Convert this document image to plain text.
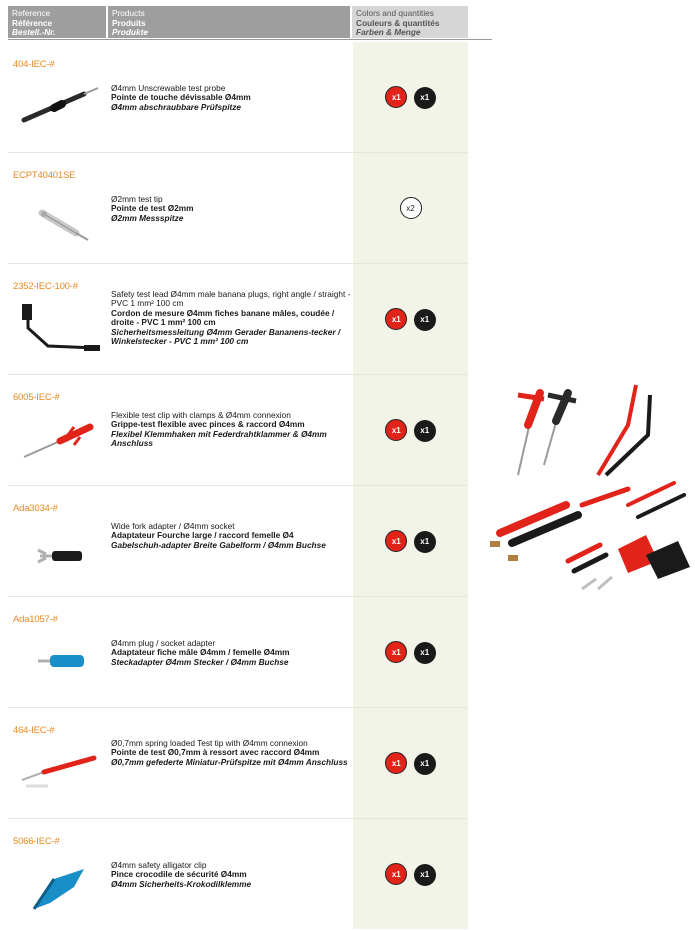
Reference
Référence
Bestell.-Nr.
Products
Produits
Produkte
Colors and quantities
Couleurs & quantités
Farben & Menge
404-IEC-#
Ø4mm Unscrewable test probe
Pointe de touche dévissable Ø4mm
Ø4mm abschraubbare Prüfspitze
x1 x1
ECPT40401SE
Ø2mm test tip
Pointe de test Ø2mm
Ø2mm Messspitze
x2
2352-IEC-100-#
Safety test lead Ø4mm male banana plugs, right angle / straight - PVC 1 mm² 100 cm
Cordon de mesure Ø4mm fiches banane mâles, coudée / droite - PVC 1 mm² 100 cm
Sicherheitsmessleitung Ø4mm Gerader Bananens-tecker / Winkelstecker - PVC 1 mm² 100 cm
x1 x1
6005-IEC-#
Flexible test clip with clamps & Ø4mm connexion
Grippe-test flexible avec pinces & raccord Ø4mm
Flexibel Klemmhaken mit Federdrahtklammer & Ø4mm Anschluss
x1 x1
Ada3034-#
Wide fork adapter / Ø4mm socket
Adaptateur Fourche large / raccord femelle Ø4
Gabelschuh-adapter Breite Gabelform / Ø4mm Buchse	x1 x1
Ada1057-#
Ø4mm plug / socket adapter
Adaptateur fiche mâle Ø4mm / femelle Ø4mm
Steckadapter Ø4mm Stecker / Ø4mm Buchse
x1 x1
464-IEC-#
Ø0,7mm spring loaded Test tip with Ø4mm connexion
Pointe de test Ø0,7mm à ressort avec raccord Ø4mm
Ø0,7mm gefederte Miniatur-Prüfspitze mit Ø4mm Anschluss	x1 x1
5066-IEC-#
Ø4mm safety alligator clip
Pince crocodile de sécurité Ø4mm
Ø4mm Sicherheits-Krokodilklemme
x1 x1
